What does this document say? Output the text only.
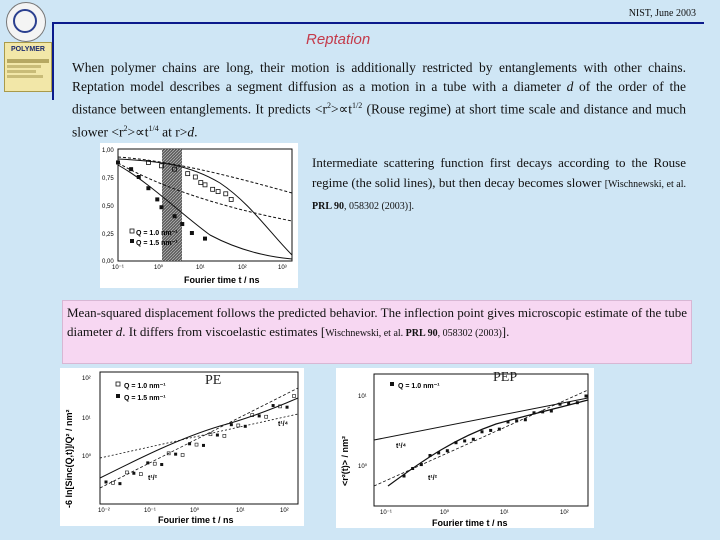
POLYMER
NIST, June 2003
Reptation
When polymer chains are long, their motion is additionally restricted by entanglements with other chains. Reptation model describes a segment diffusion as a motion in a tube with a diameter d of the order of the distance between entanglements. It predicts $<r^2>\propto t^{1/2}$ (Rouse regime) at short time scale and distance and much slower $<r^2>\propto t^{1/4}$ at r>d.
1,00
0,75
0,50
0,25
0,00
10⁻¹	10⁰	10¹	10²	10³
Fourier time t / ns
Q = 1.0 nm⁻¹
Q = 1.5 nm⁻¹
Intermediate scattering function first decays according to the Rouse regime (the solid lines), but then decay becomes slower [Wischnewski, et al. PRL 90, 058302 (2003)].
Mean-squared displacement follows the predicted behavior. The inflection point gives microscopic estimate of the tube diameter d. It differs from viscoelastic estimates [Wischnewski, et al. PRL 90, 058302 (2003)].
10²
10¹
10⁰
10⁻²	10⁻¹	10⁰	10¹	10²
Fourier time t / ns
-6 ln[Sinc(Q,t)]/Q² / nm²
Q = 1.0 nm⁻¹
Q = 1.5 nm⁻¹
t¹/⁴
t¹/²
PE
10¹
10⁰
10⁻¹	10⁰	10¹	10²
Fourier time t / ns
<r²(t)> / nm²
Q = 1.0 nm⁻¹
t¹/⁴
t¹/²
PEP
